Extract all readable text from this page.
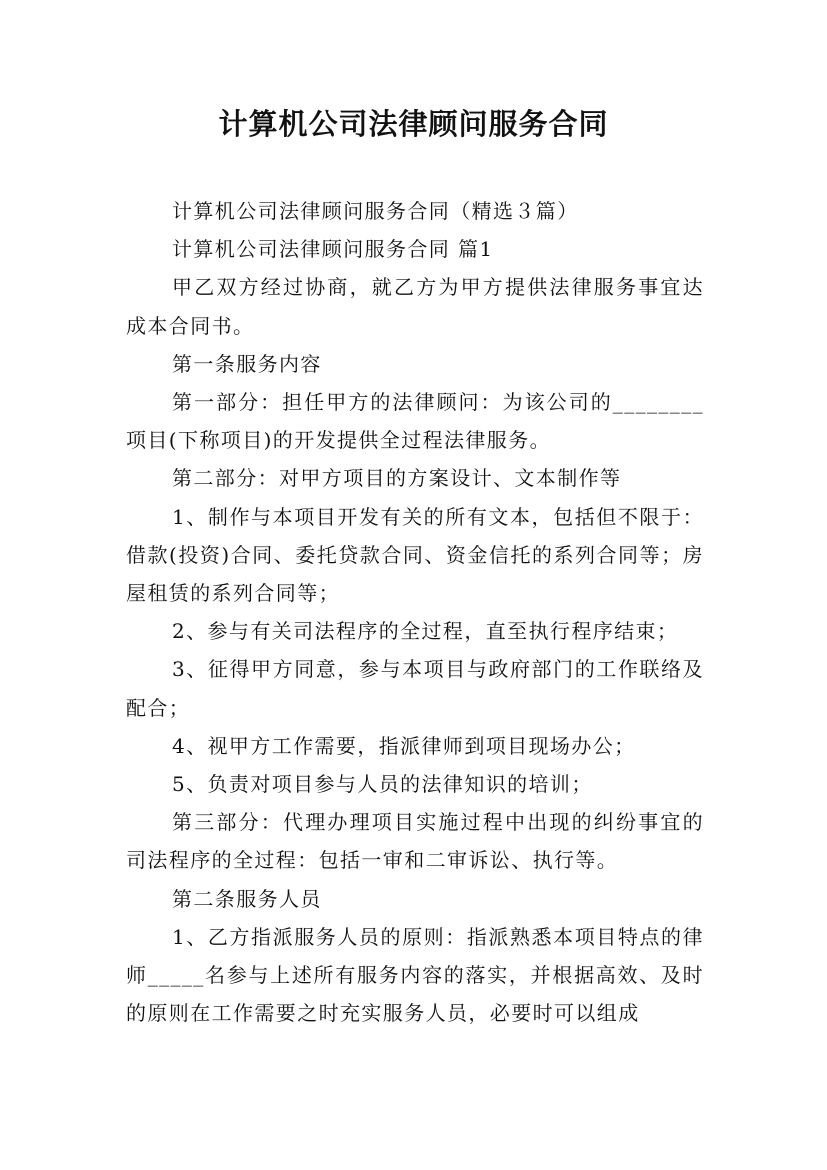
计算机公司法律顾问服务合同

计算机公司法律顾问服务合同（精选３篇）

计算机公司法律顾问服务合同 篇1

甲乙双方经过协商，就乙方为甲方提供法律服务事宜达成本合同书。

第一条服务内容

第一部分：担任甲方的法律顾问：为该公司的________项目(下称项目)的开发提供全过程法律服务。

第二部分：对甲方项目的方案设计、文本制作等

1、制作与本项目开发有关的所有文本，包括但不限于：借款(投资)合同、委托贷款合同、资金信托的系列合同等；房屋租赁的系列合同等；

2、参与有关司法程序的全过程，直至执行程序结束；

3、征得甲方同意，参与本项目与政府部门的工作联络及配合；

4、视甲方工作需要，指派律师到项目现场办公；

5、负责对项目参与人员的法律知识的培训；

第三部分：代理办理项目实施过程中出现的纠纷事宜的司法程序的全过程：包括一审和二审诉讼、执行等。

第二条服务人员

1、乙方指派服务人员的原则：指派熟悉本项目特点的律师_____名参与上述所有服务内容的落实，并根据高效、及时的原则在工作需要之时充实服务人员，必要时可以组成
